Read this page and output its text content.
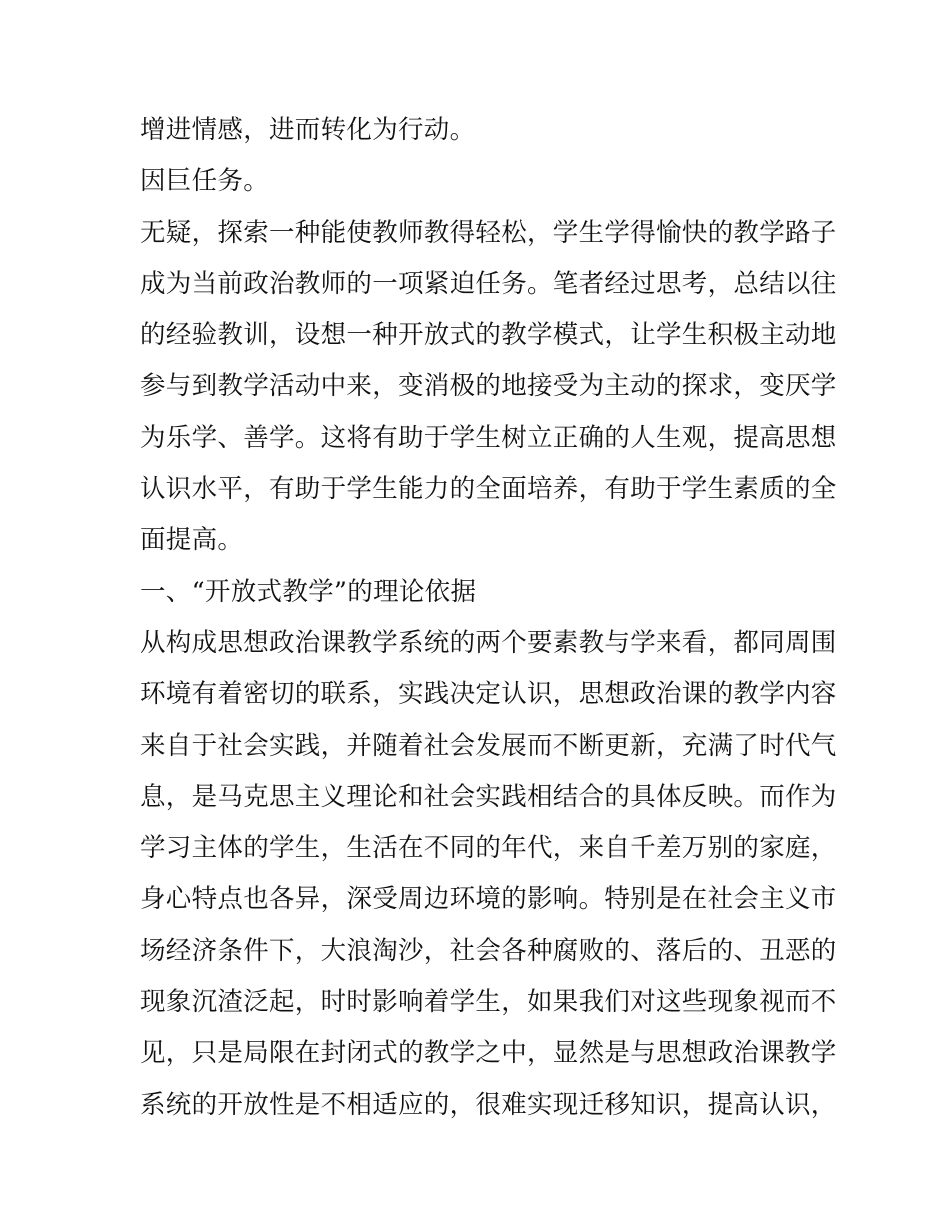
增进情感，进而转化为行动。
因巨任务。
无疑，探索一种能使教师教得轻松，学生学得愉快的教学路子
成为当前政治教师的一项紧迫任务。笔者经过思考，总结以往
的经验教训，设想一种开放式的教学模式，让学生积极主动地
参与到教学活动中来，变消极的地接受为主动的探求，变厌学
为乐学、善学。这将有助于学生树立正确的人生观，提高思想
认识水平，有助于学生能力的全面培养，有助于学生素质的全
面提高。
一、“开放式教学”的理论依据
从构成思想政治课教学系统的两个要素教与学来看，都同周围
环境有着密切的联系，实践决定认识，思想政治课的教学内容
来自于社会实践，并随着社会发展而不断更新，充满了时代气
息，是马克思主义理论和社会实践相结合的具体反映。而作为
学习主体的学生，生活在不同的年代，来自千差万别的家庭，
身心特点也各异，深受周边环境的影响。特别是在社会主义市
场经济条件下，大浪淘沙，社会各种腐败的、落后的、丑恶的
现象沉渣泛起，时时影响着学生，如果我们对这些现象视而不
见，只是局限在封闭式的教学之中，显然是与思想政治课教学
系统的开放性是不相适应的，很难实现迁移知识，提高认识，
